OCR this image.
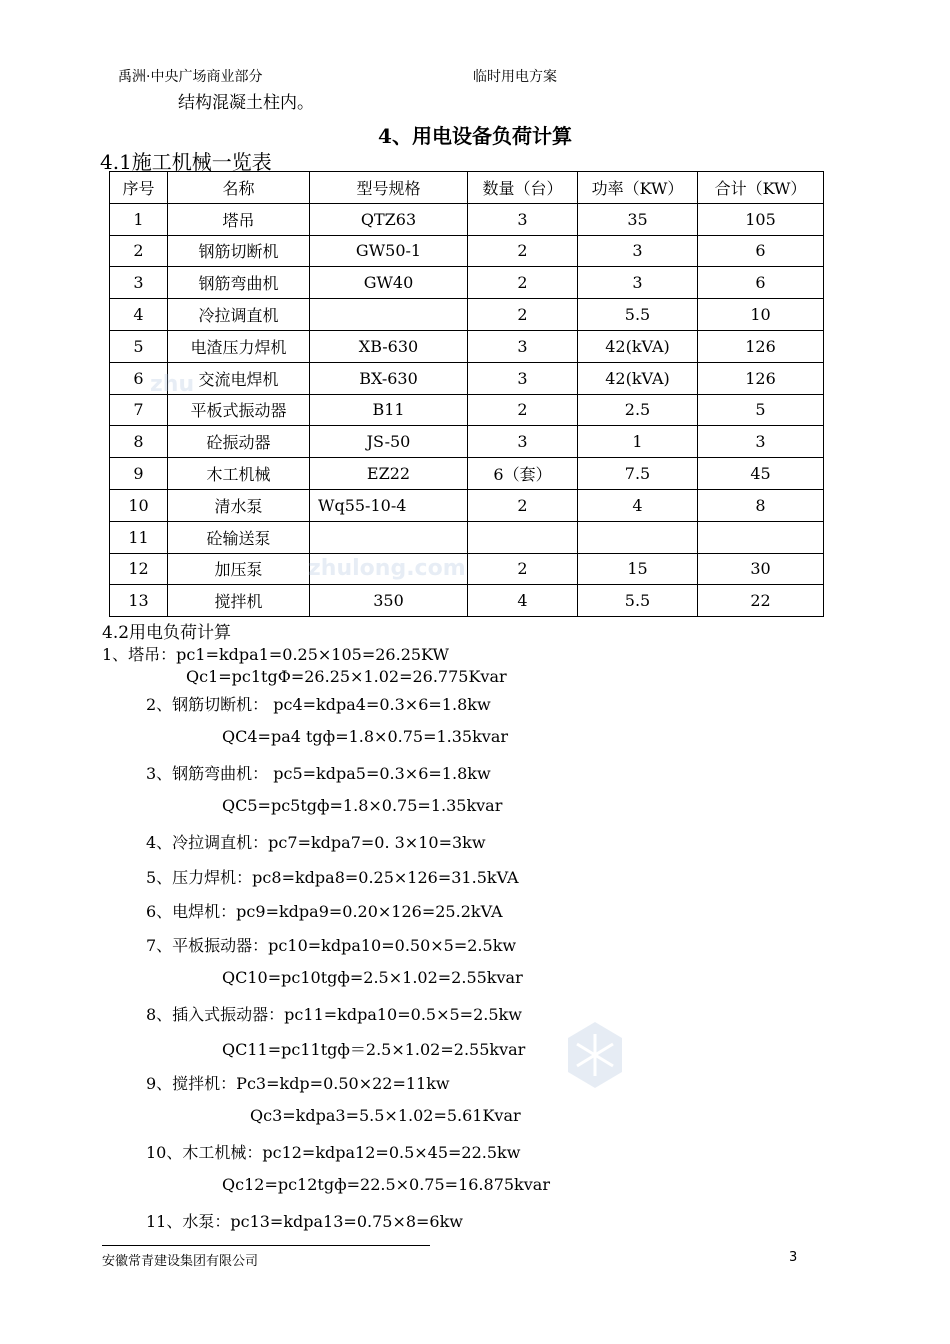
禹洲·中央广场商业部分	临时用电方案
结构混凝土柱内。
4、用电设备负荷计算
4.1施工机械一览表
序号	名称	型号规格	数量（台）	功率（KW）	合计（KW）
1	塔吊	QTZ63	3	35	105
2	钢筋切断机	GW50-1	2	3	6
3	钢筋弯曲机	GW40	2	3	6
4	冷拉调直机		2	5.5	10
5	电渣压力焊机	XB-630	3	42(kVA)	126
6	交流电焊机	BX-630	3	42(kVA)	126
7	平板式振动器	B11	2	2.5	5
8	砼振动器	JS-50	3	1	3
9	木工机械	EZ22	6（套）	7.5	45
10	清水泵	Wq55-10-4	2	4	8
11	砼输送泵				
12	加压泵		2	15	30
13	搅拌机	350	4	5.5	22
4.2用电负荷计算
1、塔吊：pc1=kdpa1=0.25×105=26.25KW
Qc1=pc1tgΦ=26.25×1.02=26.775Kvar
2、钢筋切断机： pc4=kdpa4=0.3×6=1.8kw
QC4=pa4 tgф=1.8×0.75=1.35kvar
3、钢筋弯曲机： pc5=kdpa5=0.3×6=1.8kw
QC5=pc5tgф=1.8×0.75=1.35kvar
4、冷拉调直机：pc7=kdpa7=0. 3×10=3kw
5、压力焊机：pc8=kdpa8=0.25×126=31.5kVA
6、电焊机：pc9=kdpa9=0.20×126=25.2kVA
7、平板振动器：pc10=kdpa10=0.50×5=2.5kw
QC10=pc10tgф=2.5×1.02=2.55kvar
8、插入式振动器：pc11=kdpa10=0.5×5=2.5kw
QC11=pc11tgф＝2.5×1.02=2.55kvar
9、搅拌机：Pc3=kdp=0.50×22=11kw
Qc3=kdpa3=5.5×1.02=5.61Kvar
10、木工机械：pc12=kdpa12=0.5×45=22.5kw
Qc12=pc12tgф=22.5×0.75=16.875kvar
11、水泵：pc13=kdpa13=0.75×8=6kw
zhu
zhulong.com
安徽常青建设集团有限公司	3
